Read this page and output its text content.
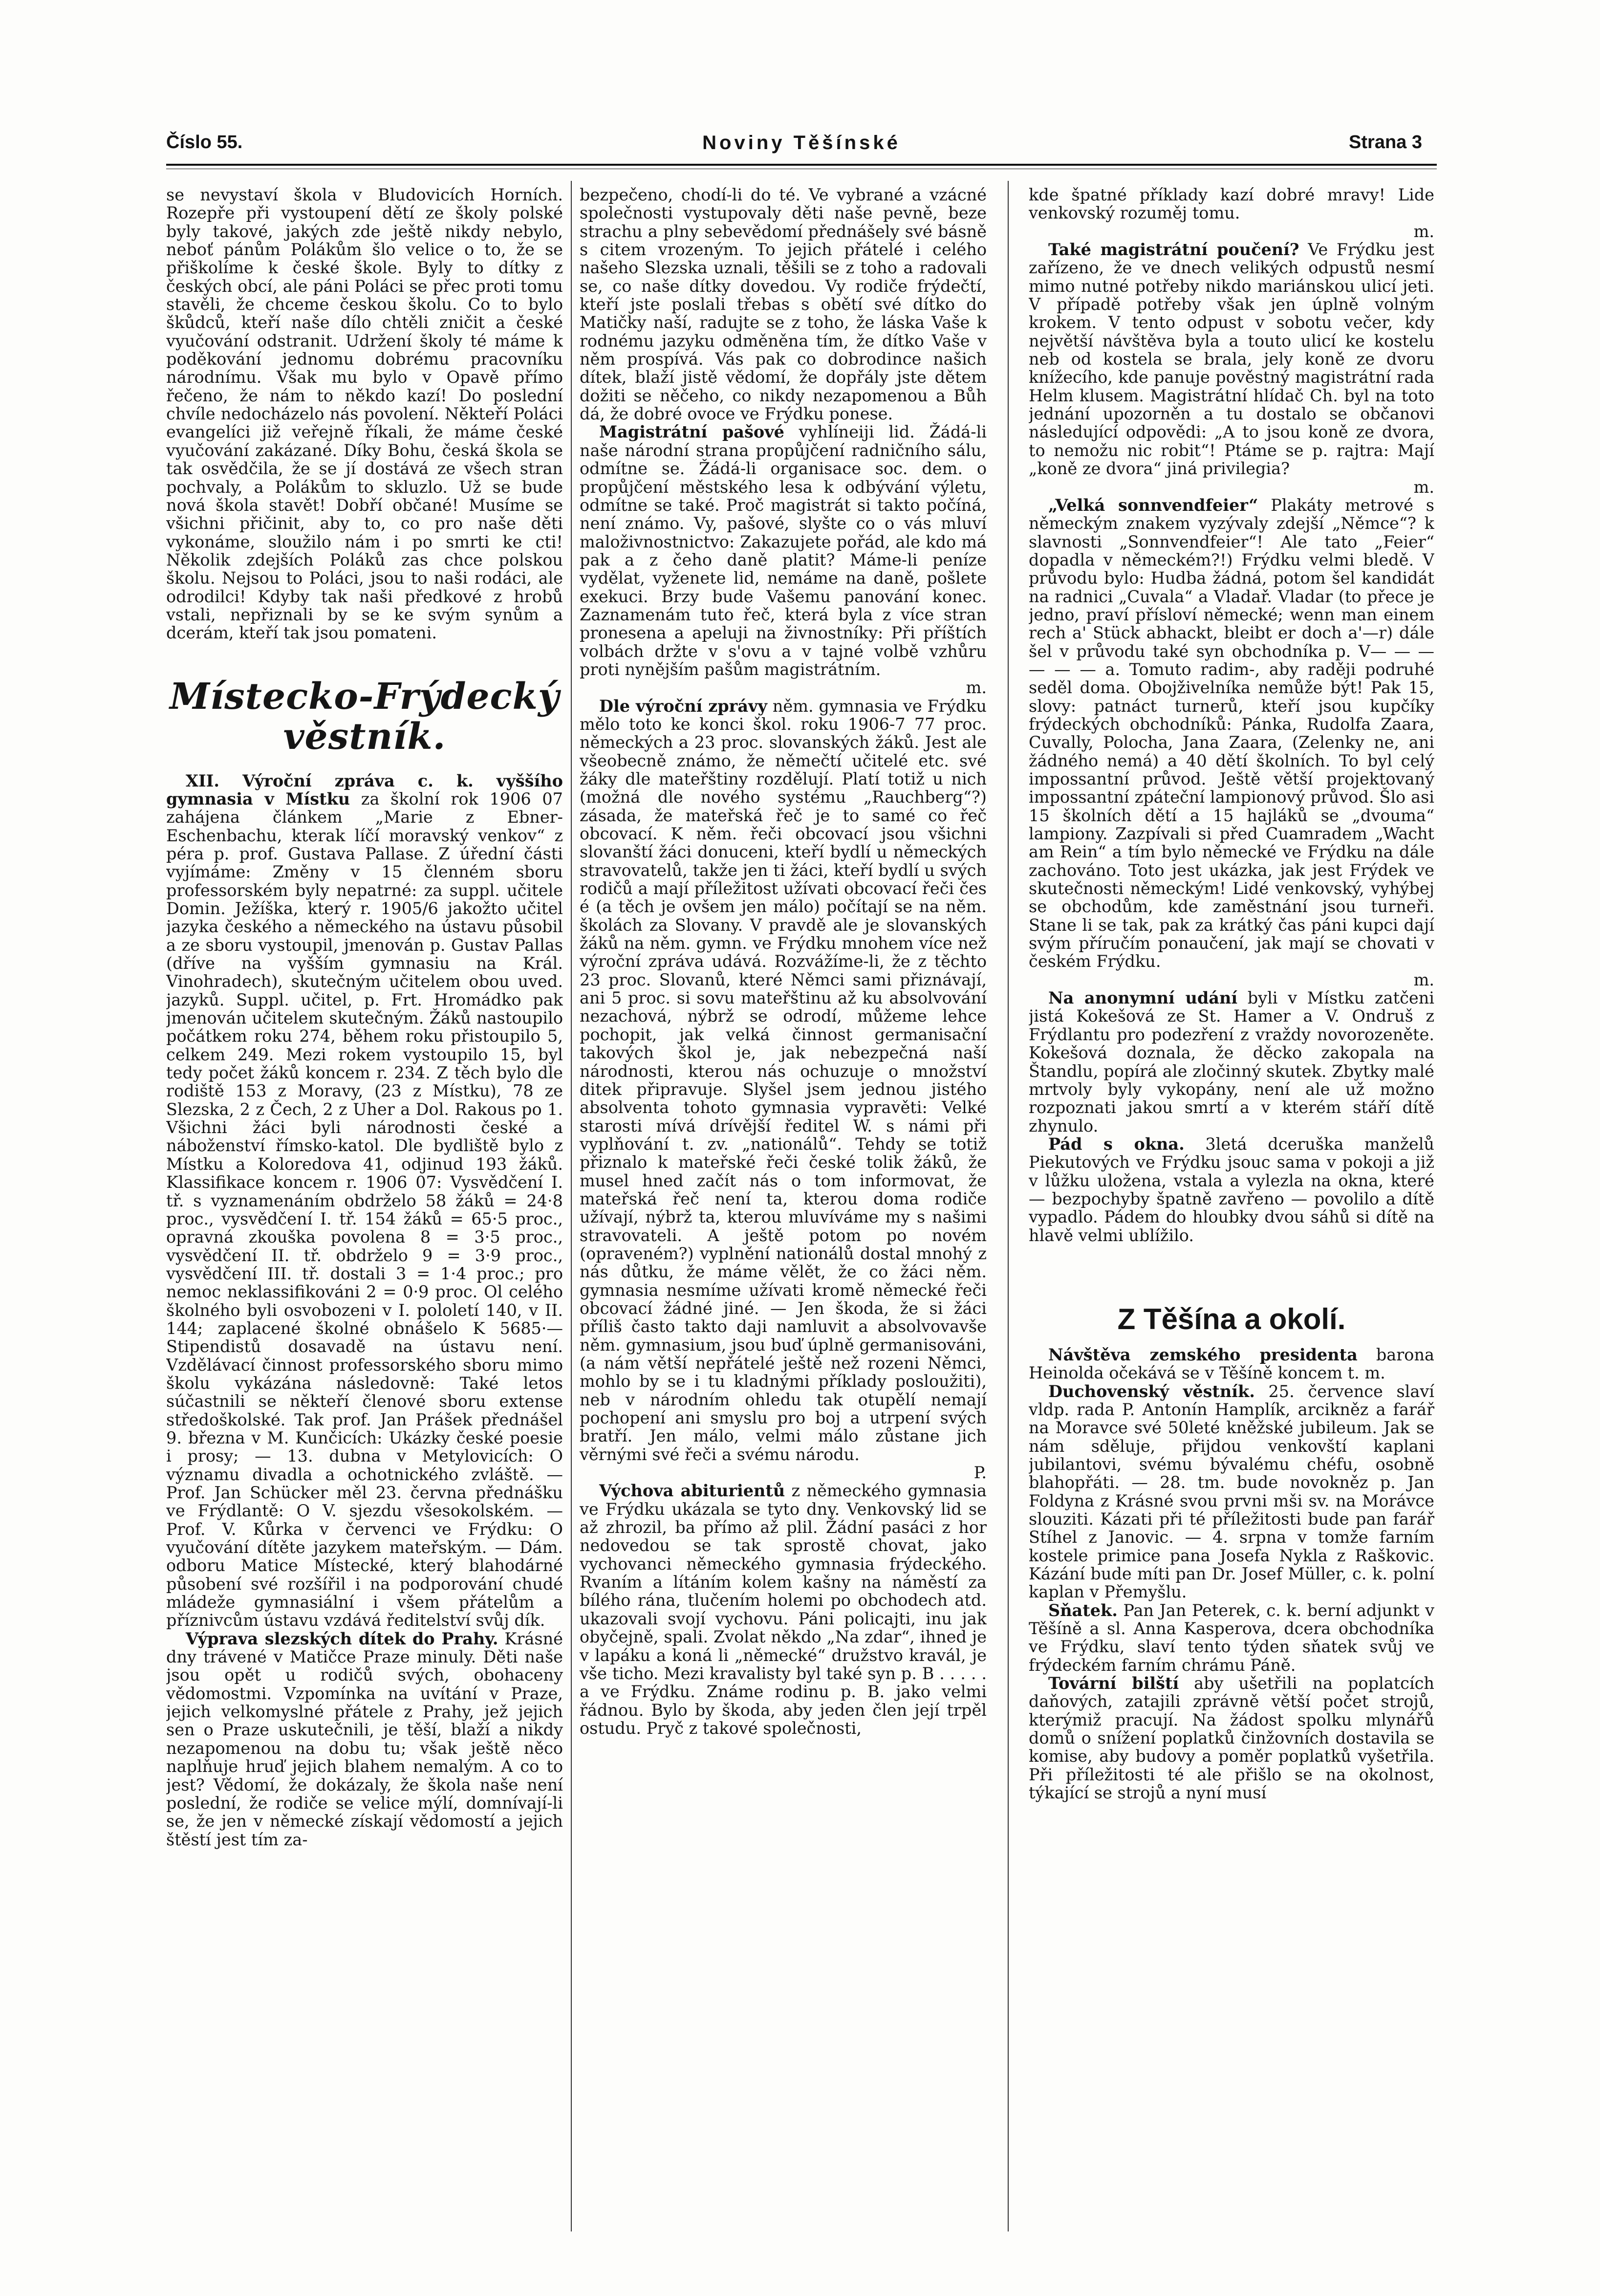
Číslo 55.	Noviny Těšínské	Strana 3

se nevystaví škola v Bludovicích Horních. Rozepře při vystoupení dětí ze školy polské byly takové, jakých zde ještě nikdy nebylo, neboť pánům Polákům šlo velice o to, že se přiškolíme k české škole. Byly to dítky z českých obcí, ale páni Poláci se přec proti tomu stavěli, že chceme českou školu. Co to bylo škůdců, kteří naše dílo chtěli zničit a české vyučování odstranit. Udržení školy té máme k poděkování jednomu dobrému pracovníku národnímu. Však mu bylo v Opavě přímo řečeno, že nám to někdo kazí! Do poslední chvíle nedocházelo nás povolení. Někteří Poláci evangelíci již veřejně říkali, že máme české vyučování zakázané. Díky Bohu, česká škola se tak osvědčila, že se jí dostává ze všech stran pochvaly, a Polákům to skluzlo. Už se bude nová škola stavět! Dobří občané! Musíme se všichni přičinit, aby to, co pro naše děti vykonáme, sloužilo nám i po smrti ke cti! Několik zdejších Poláků zas chce polskou školu. Nejsou to Poláci, jsou to naši rodáci, ale odrodilci! Kdyby tak naši předkové z hrobů vstali, nepřiznali by se ke svým synům a dcerám, kteří tak jsou pomateni.

Místecko-Frýdecký věstník.

XII. Výroční zpráva c. k. vyššího gymnasia v Místku za školní rok 1906 07 zahájena článkem „Marie z Ebner-Eschenbachu, kterak líčí moravský venkov“ z péra p. prof. Gustava Pallase. Z úřední části vyjímáme: Změny v 15 členném sboru professorském byly nepatrné: za suppl. učitele Domin. Ježíška, který r. 1905/6 jakožto učitel jazyka českého a německého na ústavu působil a ze sboru vystoupil, jmenován p. Gustav Pallas (dříve na vyšším gymnasiu na Král. Vinohradech), skutečným učitelem obou uved. jazyků. Suppl. učitel, p. Frt. Hromádko pak jmenován učitelem skutečným. Žáků nastoupilo počátkem roku 274, během roku přistoupilo 5, celkem 249. Mezi rokem vystoupilo 15, byl tedy počet žáků koncem r. 234. Z těch bylo dle rodiště 153 z Moravy, (23 z Místku), 78 ze Slezska, 2 z Čech, 2 z Uher a Dol. Rakous po 1. Všichni žáci byli národnosti české a náboženství římsko-katol. Dle bydliště bylo z Místku a Koloredova 41, odjinud 193 žáků. Klassifikace koncem r. 1906 07: Vysvědčení I. tř. s vyznamenáním obdrželo 58 žáků = 24·8 proc., vysvědčení I. tř. 154 žáků = 65·5 proc., opravná zkouška povolena 8 = 3·5 proc., vysvědčení II. tř. obdrželo 9 = 3·9 proc., vysvědčení III. tř. dostali 3 = 1·4 proc.; pro nemoc neklassifikováni 2 = 0·9 proc. Ol celého školného byli osvobozeni v I. pololetí 140, v II. 144; zaplacené školné obnášelo K 5685·— Stipendistů dosavadě na ústavu není. Vzdělávací činnost professorského sboru mimo školu vykázána následovně: Také letos súčastnili se někteří členové sboru extense středoškolské. Tak prof. Jan Prášek přednášel 9. března v M. Kunčicích: Ukázky české poesie i prosy; — 13. dubna v Metylovicích: O významu divadla a ochotnického zvláště. — Prof. Jan Schücker měl 23. června přednášku ve Frýdlantě: O V. sjezdu všesokolském. — Prof. V. Kůrka v červenci ve Frýdku: O vyučování dítěte jazykem mateřským. — Dám. odboru Matice Místecké, který blahodárné působení své rozšířil i na podporování chudé mládeže gymnasiální i všem přátelům a příznivcům ústavu vzdává ředitelství svůj dík.

Výprava slezských dítek do Prahy. Krásné dny trávené v Matičce Praze minuly. Děti naše jsou opět u rodičů svých, obohaceny vědomostmi. Vzpomínka na uvítání v Praze, jejich velkomyslné přátele z Prahy, jež jejich sen o Praze uskutečnili, je těší, blaží a nikdy nezapomenou na dobu tu; však ještě něco naplňuje hruď jejich blahem nemalým. A co to jest? Vědomí, že dokázaly, že škola naše není poslední, že rodiče se velice mýlí, domnívají-li se, že jen v německé získají vědomostí a jejich štěstí jest tím za-

bezpečeno, chodí-li do té. Ve vybrané a vzácné společnosti vystupovaly děti naše pevně, beze strachu a plny sebevědomí přednášely své básně s citem vrozeným. To jejich přátelé i celého našeho Slezska uznali, těšili se z toho a radovali se, co naše dítky dovedou. Vy rodiče frýdečtí, kteří jste poslali třebas s obětí své dítko do Matičky naší, radujte se z toho, že láska Vaše k rodnému jazyku odměněna tím, že dítko Vaše v něm prospívá. Vás pak co dobrodince našich dítek, blaží jistě vědomí, že dopřály jste dětem dožiti se něčeho, co nikdy nezapomenou a Bůh dá, že dobré ovoce ve Frýdku ponese.

Magistrátní pašové vyhlíneiji lid. Žádá-li naše národní strana propůjčení radničního sálu, odmítne se. Žádá-li organisace soc. dem. o propůjčení městského lesa k odbývání výletu, odmítne se také. Proč magistrát si takto počíná, není známo. Vy, pašové, slyšte co o vás mluví maloživnostnictvo: Zakazujete pořád, ale kdo má pak a z čeho daně platit? Máme-li peníze vydělat, vyženete lid, nemáme na daně, pošlete exekuci. Brzy bude Vašemu panování konec. Zaznamenám tuto řeč, která byla z více stran pronesena a apeluji na živnostníky: Při příštích volbách držte v s'ovu a v tajné volbě vzhůru proti nynějším pašům magistrátním.

m.

Dle výroční zprávy něm. gymnasia ve Frýdku mělo toto ke konci škol. roku 1906-7 77 proc. německých a 23 proc. slovanských žáků. Jest ale všeobecně známo, že němečtí učitelé etc. své žáky dle mateřštiny rozdělují. Platí totiž u nich (možná dle nového systému „Rauchberg“?) zásada, že mateřská řeč je to samé co řeč obcovací. K něm. řeči obcovací jsou všichni slovanští žáci donuceni, kteří bydlí u německých stravovatelů, takže jen ti žáci, kteří bydlí u svých rodičů a mají příležitost užívati obcovací řeči čes é (a těch je ovšem jen málo) počítají se na něm. školách za Slovany. V pravdě ale je slovanských žáků na něm. gymn. ve Frýdku mnohem více než výroční zpráva udává. Rozvážíme-li, že z těchto 23 proc. Slovanů, které Němci sami přiznávají, ani 5 proc. si sovu mateřštinu až ku absolvování nezachová, nýbrž se odrodí, můžeme lehce pochopit, jak velká činnost germanisační takových škol je, jak nebezpečná naší národnosti, kterou nás ochuzuje o množství ditek připravuje. Slyšel jsem jednou jistého absolventa tohoto gymnasia vypravěti: Velké starosti mívá drívější ředitel W. s námi při vyplňování t. zv. „nationálů“. Tehdy se totiž přiznalo k mateřské řeči české tolik žáků, že musel hned začít nás o tom informovat, že mateřská řeč není ta, kterou doma rodiče užívají, nýbrž ta, kterou mluvíváme my s našimi stravovateli. A ještě potom po novém (opraveném?) vyplnění nationálů dostal mnohý z nás důtku, že máme vělět, že co žáci něm. gymnasia nesmíme užívati kromě německé řeči obcovací žádné jiné. — Jen škoda, že si žáci příliš často takto daji namluvit a absolvovavše něm. gymnasium, jsou buď úplně germanisováni, (a nám větší nepřátelé ještě než rozeni Němci, mohlo by se i tu kladnými příklady posloužiti), neb v národním ohledu tak otupělí nemají pochopení ani smyslu pro boj a utrpení svých bratří. Jen málo, velmi málo zůstane jich věrnými své řeči a svému národu.

P.

Výchova abiturientů z německého gymnasia ve Frýdku ukázala se tyto dny. Venkovský lid se až zhrozil, ba přímo až plil. Žádní pasáci z hor nedovedou se tak sprostě chovat, jako vychovanci německého gymnasia frýdeckého. Rvaním a lítáním kolem kašny na náměstí za bílého rána, tlučením holemi po obchodech atd. ukazovali svojí vychovu. Páni policajti, inu jak obyčejně, spali. Zvolat někdo „Na zdar“, ihned je v lapáku a koná li „německé“ družstvo kravál, je vše ticho. Mezi kravalisty byl také syn p. B . . . . . a ve Frýdku. Známe rodinu p. B. jako velmi řádnou. Bylo by škoda, aby jeden člen její trpěl ostudu. Pryč z takové společnosti,

kde špatné příklady kazí dobré mravy! Lide venkovský rozuměj tomu.

m.

Také magistrátní poučení? Ve Frýdku jest zařízeno, že ve dnech velikých odpustů nesmí mimo nutné potřeby nikdo mariánskou ulicí jeti. V případě potřeby však jen úplně volným krokem. V tento odpust v sobotu večer, kdy největší návštěva byla a touto ulicí ke kostelu neb od kostela se brala, jely koně ze dvoru knížecího, kde panuje pověstný magistrátní rada Helm klusem. Magistrátní hlídač Ch. byl na toto jednání upozorněn a tu dostalo se občanovi následující odpovědi: „A to jsou koně ze dvora, to nemožu nic robit“! Ptáme se p. rajtra: Mají „koně ze dvora“ jiná privilegia?

m.

„Velká sonnvendfeier“ Plakáty metrové s německým znakem vyzývaly zdejší „Němce“? k slavnosti „Sonnvendfeier“! Ale tato „Feier“ dopadla v německém?!) Frýdku velmi bledě. V průvodu bylo: Hudba žádná, potom šel kandidát na radnici „Cuvala“ a Vladař. Vladar (to přece je jedno, praví přísloví německé; wenn man einem rech a' Stück abhackt, bleibt er doch a'—r) dále šel v průvodu také syn obchodníka p. V— — — — — — a. Tomuto radim-, aby raději podruhé seděl doma. Obojživelníka nemůže být! Pak 15, slovy: patnáct turnerů, kteří jsou kupčíky frýdeckých obchodníků: Pánka, Rudolfa Zaara, Cuvally, Polocha, Jana Zaara, (Zelenky ne, ani žádného nemá) a 40 dětí školních. To byl celý impossantní průvod. Ještě větší projektovaný impossantní zpáteční lampionový průvod. Šlo asi 15 školních dětí a 15 hajláků se „dvouma“ lampiony. Zazpívali si před Cuamradem „Wacht am Rein“ a tím bylo německé ve Frýdku na dále zachováno. Toto jest ukázka, jak jest Frýdek ve skutečnosti německým! Lidé venkovský, vyhýbej se obchodům, kde zaměstnání jsou turneři. Stane li se tak, pak za krátký čas páni kupci dají svým příručím ponaučení, jak mají se chovati v českém Frýdku.

m.

Na anonymní udání byli v Místku zatčeni jistá Kokešová ze St. Hamer a V. Ondruš z Frýdlantu pro podezření z vraždy novorozeněte. Kokešová doznala, že děcko zakopala na Štandlu, popírá ale zločinný skutek. Zbytky malé mrtvoly byly vykopány, není ale už možno rozpoznati jakou smrtí a v kterém stáří dítě zhynulo.

Pád s okna. 3letá dceruška manželů Piekutových ve Frýdku jsouc sama v pokoji a již v lůžku uložena, vstala a vylezla na okna, které — bezpochyby špatně zavřeno — povolilo a dítě vypadlo. Pádem do hloubky dvou sáhů si dítě na hlavě velmi ublížilo.

Z Těšína a okolí.

Návštěva zemského presidenta barona Heinolda očekává se v Těšíně koncem t. m.

Duchovenský věstník. 25. července slaví vldp. rada P. Antonín Hamplík, arcikněz a farář na Moravce své 50leté kněžské jubileum. Jak se nám sděluje, přijdou venkovští kaplani jubilantovi, svému bývalému chéfu, osobně blahopřáti. — 28. tm. bude novokněz p. Jan Foldyna z Krásné svou prvni mši sv. na Morávce slouziti. Kázati při té příležitosti bude pan farář Stíhel z Janovic. — 4. srpna v tomže farním kostele primice pana Josefa Nykla z Raškovic. Kázání bude míti pan Dr. Josef Müller, c. k. polní kaplan v Přemyšlu.

Sňatek. Pan Jan Peterek, c. k. berní adjunkt v Těšíně a sl. Anna Kasperova, dcera obchodníka ve Frýdku, slaví tento týden sňatek svůj ve frýdeckém farním chrámu Páně.

Tovární bilští aby ušetřili na poplatcích daňových, zatajili zprávně větší počet strojů, kterýmiž pracují. Na žádost spolku mlynářů domů o snížení poplatků činžovních dostavila se komise, aby budovy a poměr poplatků vyšetřila. Při příležitosti té ale přišlo se na okolnost, týkající se strojů a nyní musí
